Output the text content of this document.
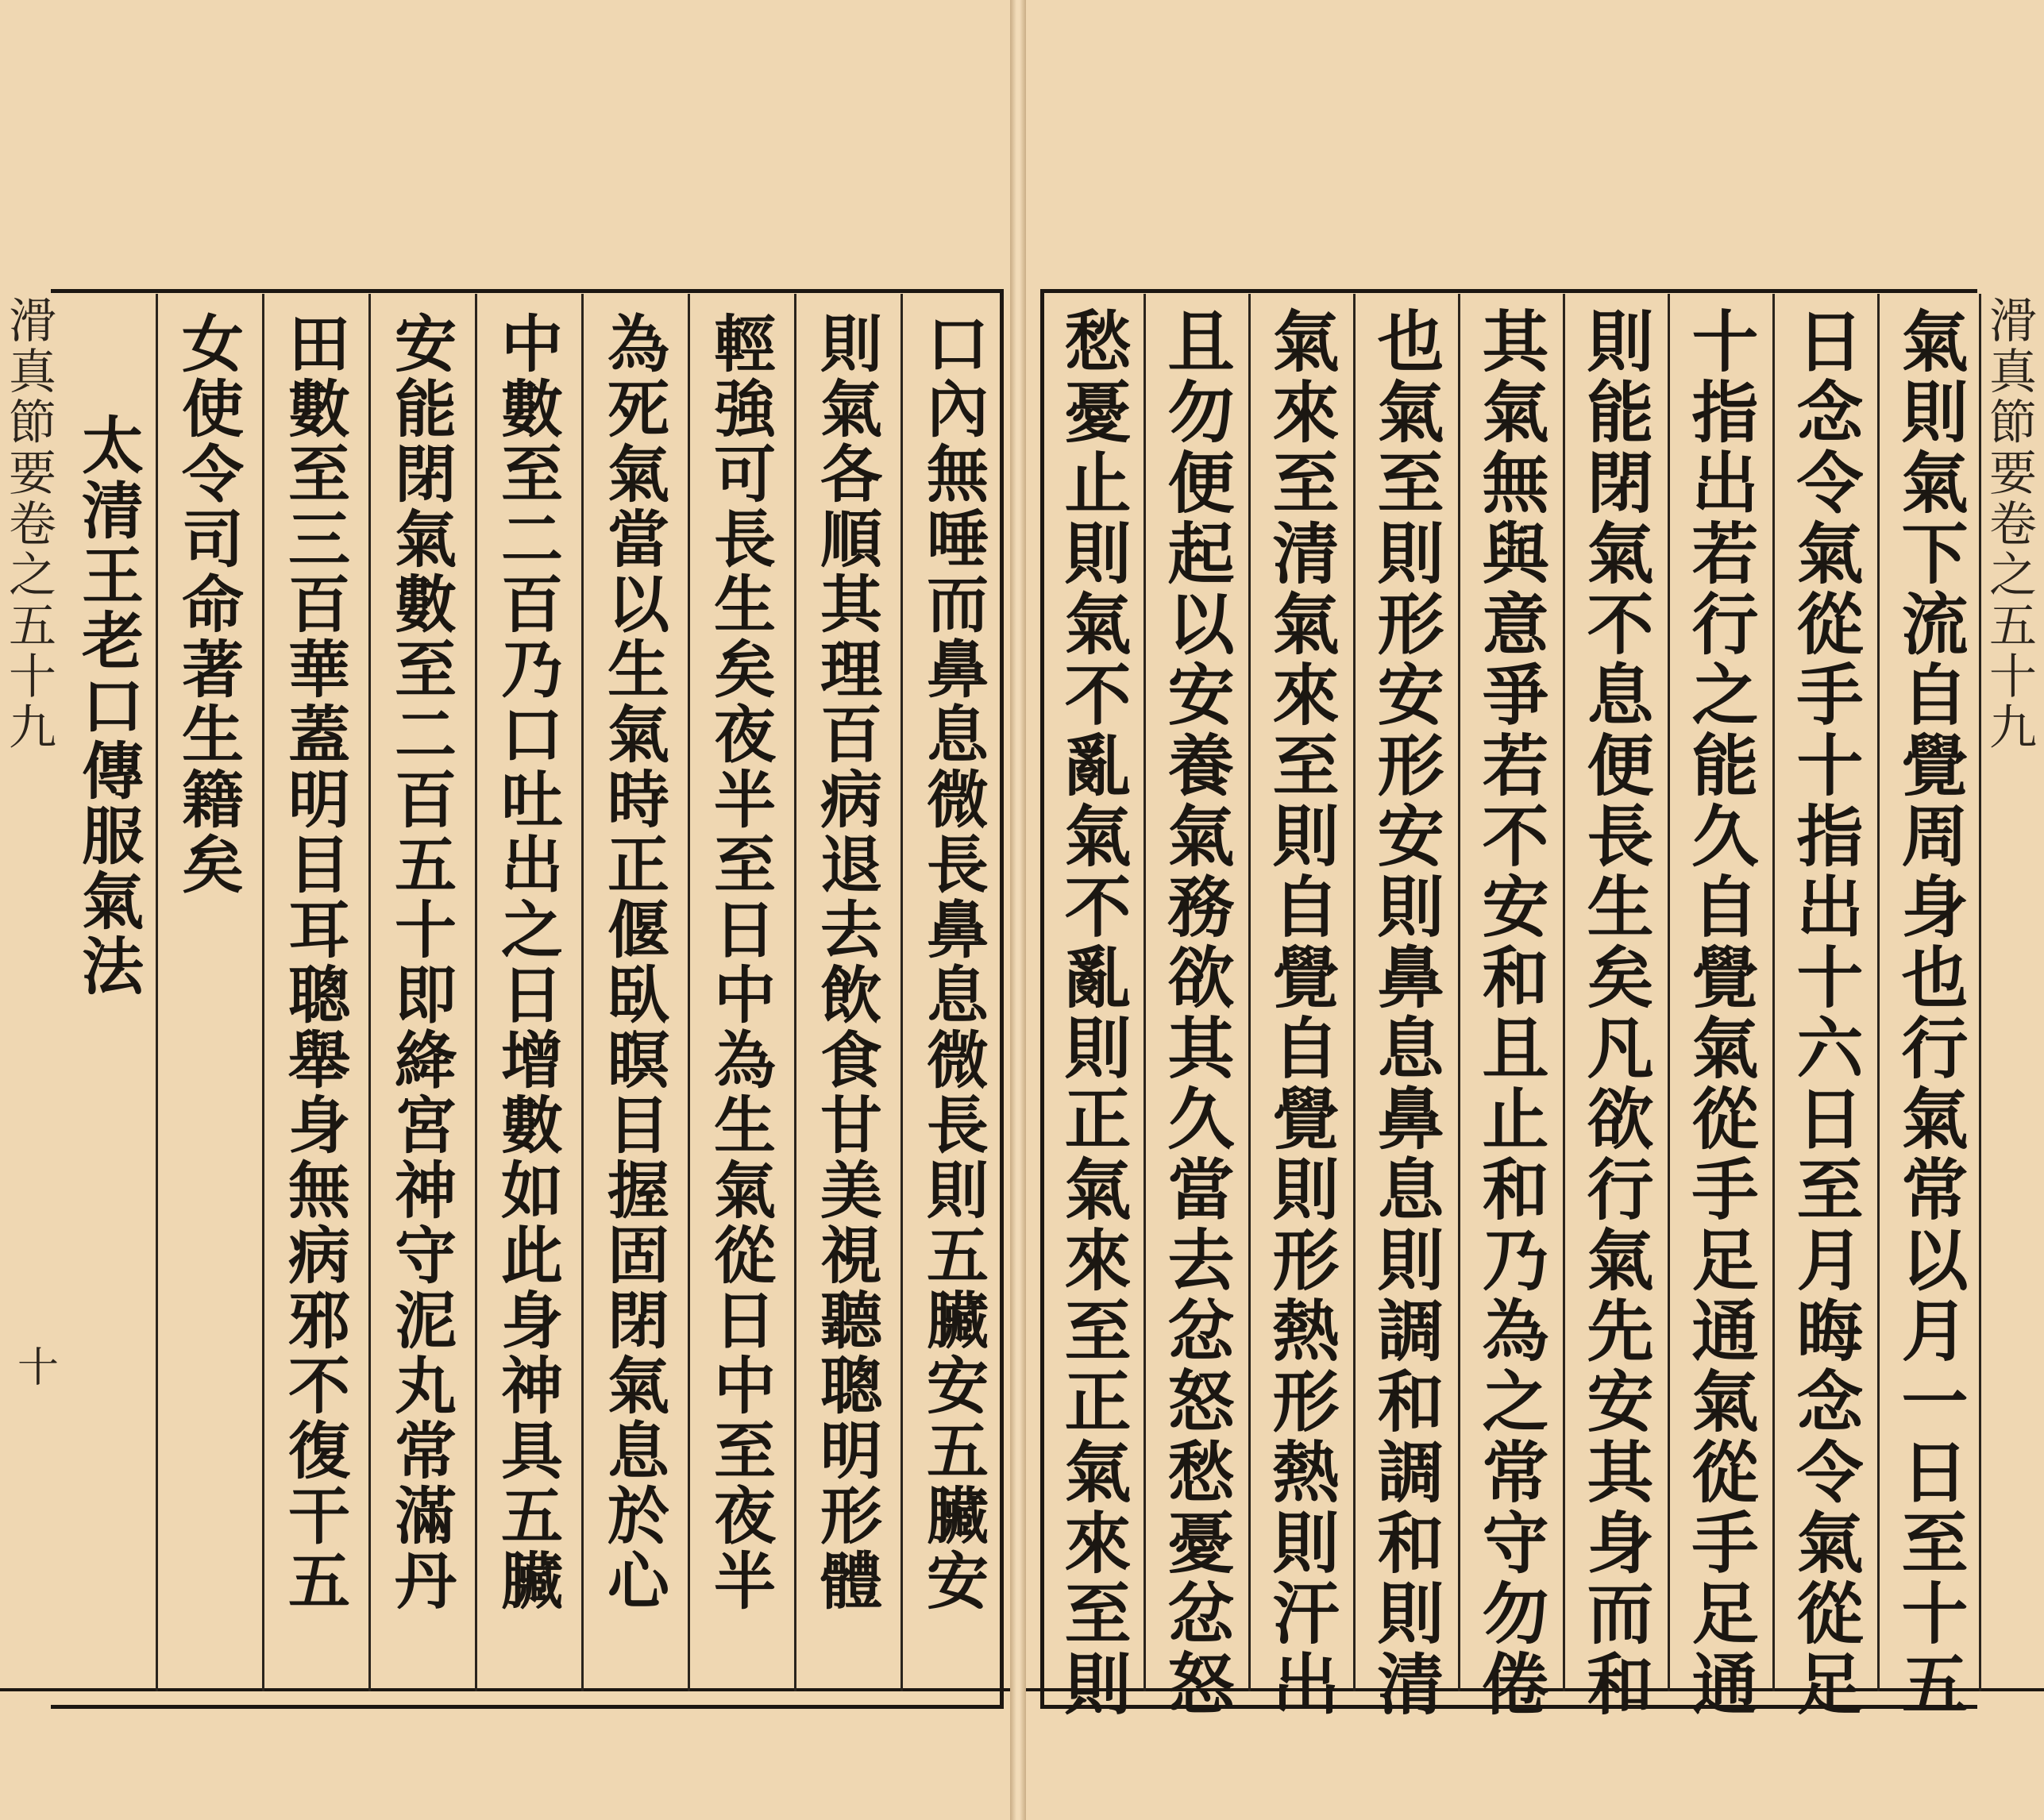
滑真節要卷之五十九
十	口內無唾而鼻息微長鼻息微長則五臟安五臟安
則氣各順其理百病退去飲食甘美視聽聰明形體
輕強可長生矣夜半至日中為生氣從日中至夜半
為死氣當以生氣時正偃臥瞑目握固閉氣息於心
中數至二百乃口吐出之日增數如此身神具五臟
安能閉氣數至二百五十即絳宮神守泥丸常滿丹
田數至三百華蓋明目耳聰舉身無病邪不復干五
女使令司命著生籍矣
太清王老口傳服氣法	滑真節要卷之五十九
氣則氣下流自覺周身也行氣常以月一日至十五
日念令氣從手十指出十六日至月晦念令氣從足
十指出若行之能久自覺氣從手足通氣從手足通
則能閉氣不息便長生矣凡欲行氣先安其身而和
其氣無與意爭若不安和且止和乃為之常守勿倦
也氣至則形安形安則鼻息鼻息則調和調和則清
氣來至清氣來至則自覺自覺則形熱形熱則汗出
且勿便起以安養氣務欲其久當去忿怒愁憂忿怒
愁憂止則氣不亂氣不亂則正氣來至正氣來至則
